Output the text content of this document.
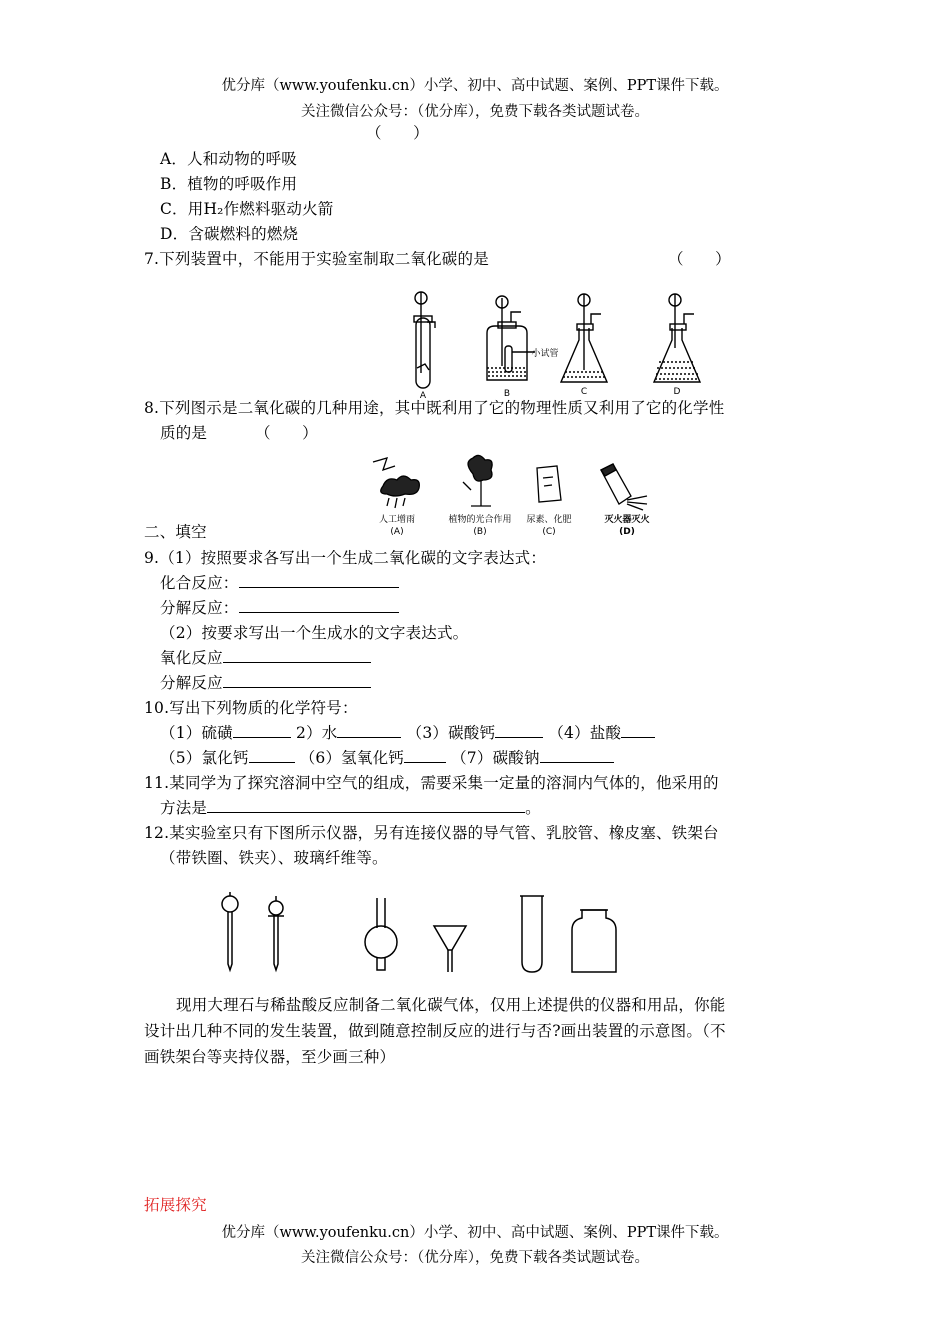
优分库（www.youfenku.cn）小学、初中、高中试题、案例、PPT课件下载。
关注微信公众号：（优分库），免费下载各类试题试卷。
（　　）
A．人和动物的呼吸
B．植物的呼吸作用
C．用H₂作燃料驱动火箭
D．含碳燃料的燃烧
7.下列装置中，不能用于实验室制取二氧化碳的是	（　　）
小试管
A	B	C	D
8.下列图示是二氧化碳的几种用途，其中既利用了它的物理性质又利用了它的化学性
质的是	（　　）
人工增雨	植物的光合作用 尿素、化肥	灭火器灭火
(A)	(B)	(C)	(D)
二、填空
9.（1）按照要求各写出一个生成二氧化碳的文字表达式：
化合反应：
分解反应：
（2）按要求写出一个生成水的文字表达式。
氧化反应
分解反应
10.写出下列物质的化学符号：
（1）硫磺	2）水	（3）碳酸钙	（4）盐酸
（5）氯化钙	（6）氢氧化钙	（7）碳酸钠
11.某同学为了探究溶洞中空气的组成，需要采集一定量的溶洞内气体的，他采用的
方法是	。
12.某实验室只有下图所示仪器，另有连接仪器的导气管、乳胶管、橡皮塞、铁架台
（带铁圈、铁夹）、玻璃纤维等。
现用大理石与稀盐酸反应制备二氧化碳气体，仅用上述提供的仪器和用品，你能
设计出几种不同的发生装置，做到随意控制反应的进行与否?画出装置的示意图。（不
画铁架台等夹持仪器，至少画三种）
拓展探究
优分库（www.youfenku.cn）小学、初中、高中试题、案例、PPT课件下载。
关注微信公众号：（优分库），免费下载各类试题试卷。
